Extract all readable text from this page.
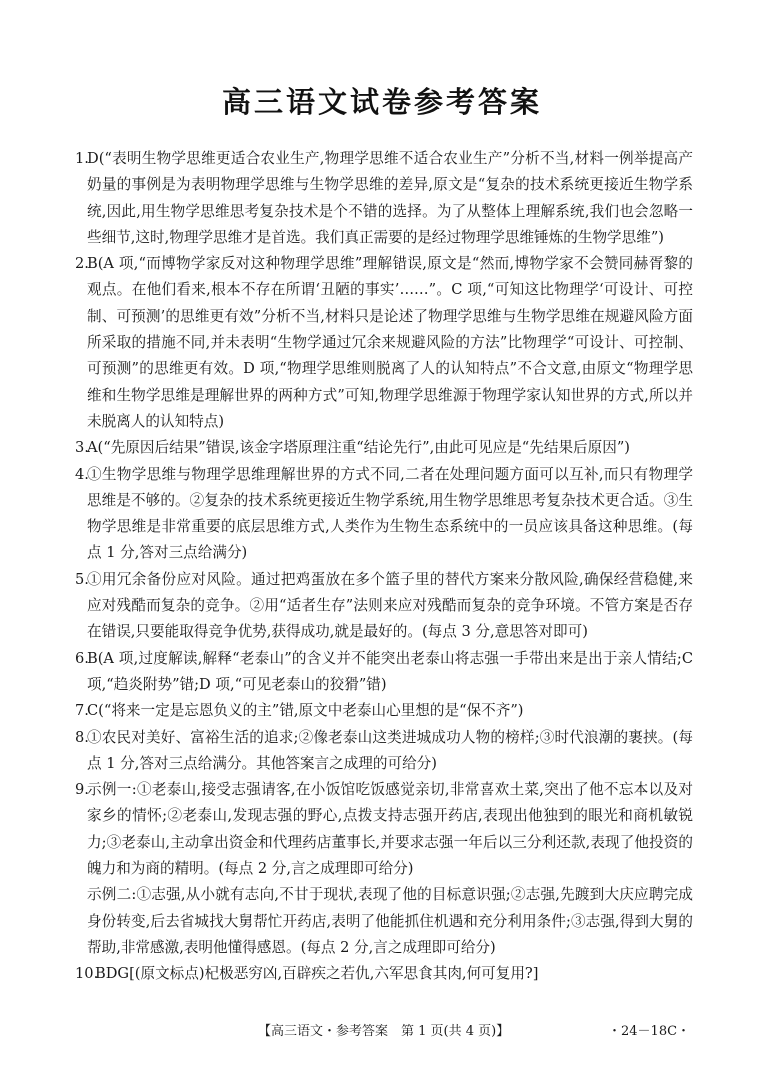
高三语文试卷参考答案
1.
D(“表明生物学思维更适合农业生产,物理学思维不适合农业生产”分析不当,材料一例举提高产奶量的事例是为表明物理学思维与生物学思维的差异,原文是“复杂的技术系统更接近生物学系统,因此,用生物学思维思考复杂技术是个不错的选择。为了从整体上理解系统,我们也会忽略一些细节,这时,物理学思维才是首选。我们真正需要的是经过物理学思维锤炼的生物学思维”)
2.
B(A 项,“而博物学家反对这种物理学思维”理解错误,原文是“然而,博物学家不会赞同赫胥黎的观点。在他们看来,根本不存在所谓‘丑陋的事实’……”。C 项,“可知这比物理学‘可设计、可控制、可预测’的思维更有效”分析不当,材料只是论述了物理学思维与生物学思维在规避风险方面所采取的措施不同,并未表明“生物学通过冗余来规避风险的方法”比物理学“可设计、可控制、可预测”的思维更有效。D 项,“物理学思维则脱离了人的认知特点”不合文意,由原文“物理学思维和生物学思维是理解世界的两种方式”可知,物理学思维源于物理学家认知世界的方式,所以并未脱离人的认知特点)
3.
A(“先原因后结果”错误,该金字塔原理注重“结论先行”,由此可见应是“先结果后原因”)
4.
①生物学思维与物理学思维理解世界的方式不同,二者在处理问题方面可以互补,而只有物理学思维是不够的。②复杂的技术系统更接近生物学系统,用生物学思维思考复杂技术更合适。③生物学思维是非常重要的底层思维方式,人类作为生物生态系统中的一员应该具备这种思维。(每点 1 分,答对三点给满分)
5.
①用冗余备份应对风险。通过把鸡蛋放在多个篮子里的替代方案来分散风险,确保经营稳健,来应对残酷而复杂的竞争。②用“适者生存”法则来应对残酷而复杂的竞争环境。不管方案是否存在错误,只要能取得竞争优势,获得成功,就是最好的。(每点 3 分,意思答对即可)
6.
B(A 项,过度解读,解释“老泰山”的含义并不能突出老泰山将志强一手带出来是出于亲人情结;C 项,“趋炎附势”错;D 项,“可见老泰山的狡猾”错)
7.
C(“将来一定是忘恩负义的主”错,原文中老泰山心里想的是“保不齐”)
8.
①农民对美好、富裕生活的追求;②像老泰山这类进城成功人物的榜样;③时代浪潮的裹挟。(每点 1 分,答对三点给满分。其他答案言之成理的可给分)
9.
示例一:①老泰山,接受志强请客,在小饭馆吃饭感觉亲切,非常喜欢土菜,突出了他不忘本以及对家乡的情怀;②老泰山,发现志强的野心,点拨支持志强开药店,表现出他独到的眼光和商机敏锐力;③老泰山,主动拿出资金和代理药店董事长,并要求志强一年后以三分利还款,表现了他投资的魄力和为商的精明。(每点 2 分,言之成理即可给分)
示例二:①志强,从小就有志向,不甘于现状,表现了他的目标意识强;②志强,先踱到大庆应聘完成身份转变,后去省城找大舅帮忙开药店,表明了他能抓住机遇和充分利用条件;③志强,得到大舅的帮助,非常感激,表明他懂得感恩。(每点 2 分,言之成理即可给分)
10.
BDG[(原文标点)杞极恶穷凶,百辟疾之若仇,六军思食其肉,何可复用?]
【高三语文・参考答案　第 1 页(共 4 页)】	・24－18C・
